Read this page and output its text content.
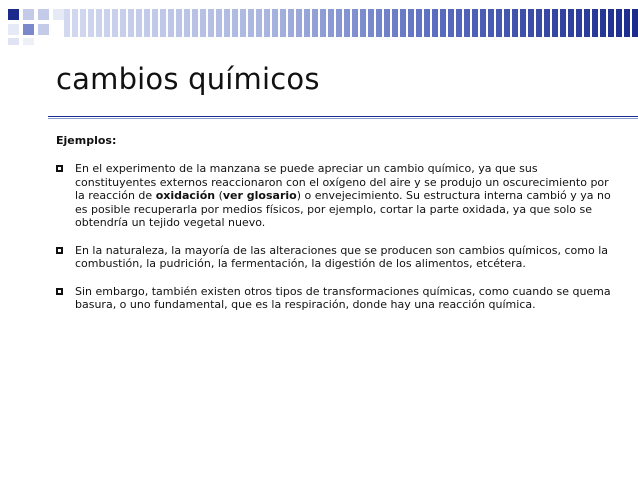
cambios químicos
Ejemplos:

En el experimento de la manzana se puede apreciar un cambio químico, ya que sus constituyentes externos reaccionaron con el oxígeno del aire y se produjo un oscurecimiento por la reacción de oxidación (ver glosario) o envejecimiento. Su estructura interna cambió y ya no es posible recuperarla por medios físicos, por ejemplo, cortar la parte oxidada, ya que solo se obtendría un tejido vegetal nuevo.

En la naturaleza, la mayoría de las alteraciones que se producen son cambios químicos, como la combustión, la pudrición, la fermentación, la digestión de los alimentos, etcétera.

Sin embargo, también existen otros tipos de transformaciones químicas, como cuando se quema basura, o uno fundamental, que es la respiración, donde hay una reacción química.
